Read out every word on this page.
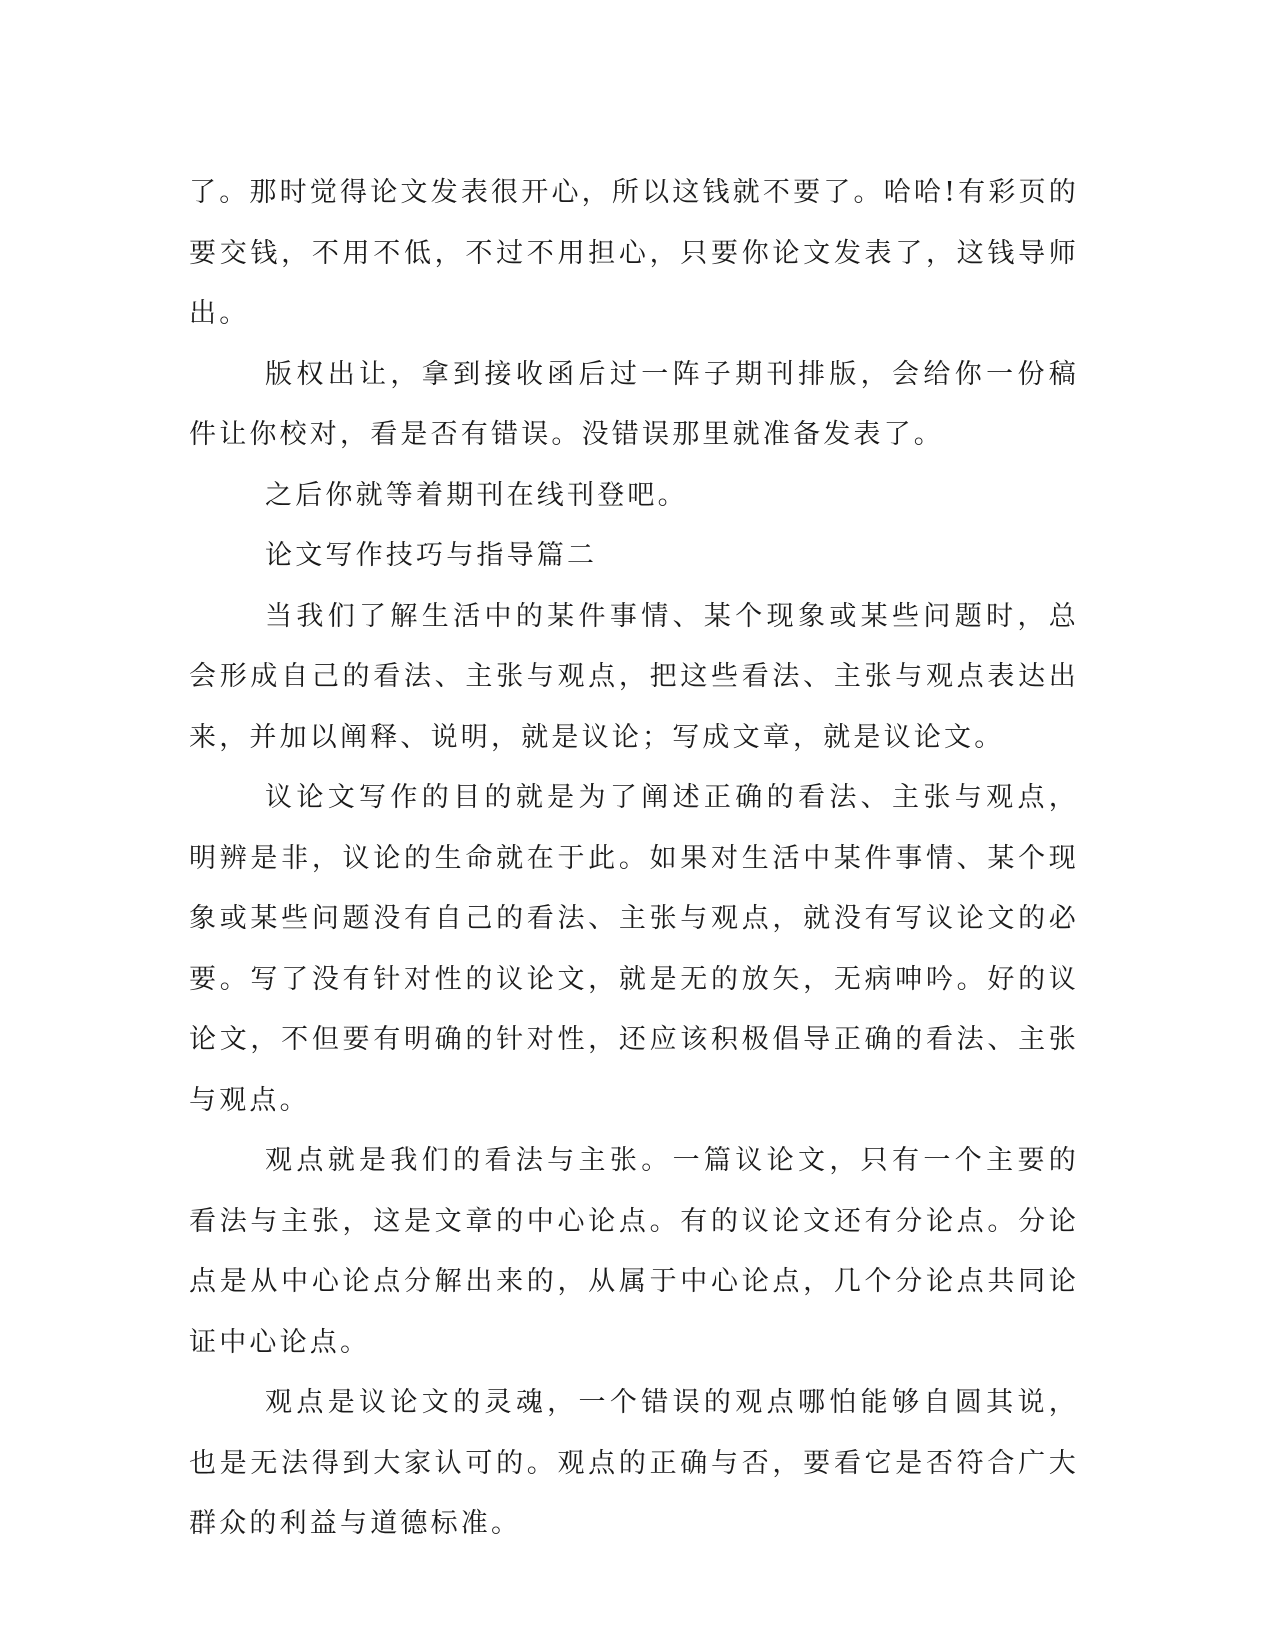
了。那时觉得论文发表很开心，所以这钱就不要了。哈哈!有彩页的要交钱，不用不低，不过不用担心，只要你论文发表了，这钱导师出。

版权出让，拿到接收函后过一阵子期刊排版，会给你一份稿件让你校对，看是否有错误。没错误那里就准备发表了。

之后你就等着期刊在线刊登吧。

论文写作技巧与指导篇二

当我们了解生活中的某件事情、某个现象或某些问题时，总会形成自己的看法、主张与观点，把这些看法、主张与观点表达出来，并加以阐释、说明，就是议论；写成文章，就是议论文。

议论文写作的目的就是为了阐述正确的看法、主张与观点，明辨是非，议论的生命就在于此。如果对生活中某件事情、某个现象或某些问题没有自己的看法、主张与观点，就没有写议论文的必要。写了没有针对性的议论文，就是无的放矢，无病呻吟。好的议论文，不但要有明确的针对性，还应该积极倡导正确的看法、主张与观点。

观点就是我们的看法与主张。一篇议论文，只有一个主要的看法与主张，这是文章的中心论点。有的议论文还有分论点。分论点是从中心论点分解出来的，从属于中心论点，几个分论点共同论证中心论点。

观点是议论文的灵魂，一个错误的观点哪怕能够自圆其说，也是无法得到大家认可的。观点的正确与否，要看它是否符合广大群众的利益与道德标准。
